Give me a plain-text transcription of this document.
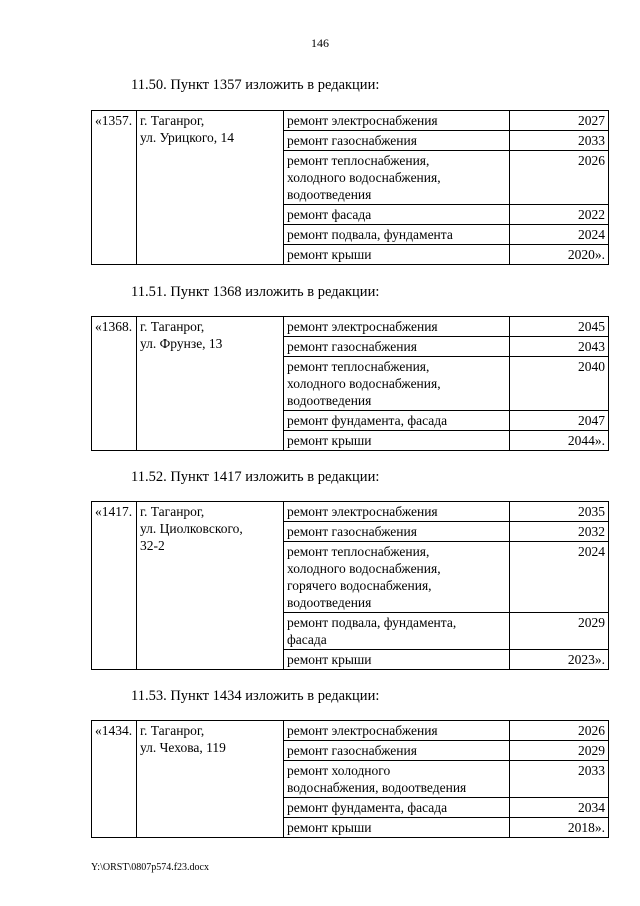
146
11.50. Пункт 1357 изложить в редакции:
«1357.	г. Таганрог,
ул. Урицкого, 14	ремонт электроснабжения	2027

		ремонт газоснабжения	2033

		ремонт теплоснабжения,
холодного водоснабжения,
водоотведения	2026

		ремонт фасада	2022

		ремонт подвала, фундамента	2024

		ремонт крыши	2020».
11.51. Пункт 1368 изложить в редакции:
«1368.	г. Таганрог,
ул. Фрунзе, 13	ремонт электроснабжения	2045

		ремонт газоснабжения	2043

		ремонт теплоснабжения,
холодного водоснабжения,
водоотведения	2040

		ремонт фундамента, фасада	2047

		ремонт крыши	2044».
11.52. Пункт 1417 изложить в редакции:
«1417.	г. Таганрог,
ул. Циолковского,
32-2	ремонт электроснабжения	2035

		ремонт газоснабжения	2032

		ремонт теплоснабжения,
холодного водоснабжения,
горячего водоснабжения,
водоотведения	2024

		ремонт подвала, фундамента,
фасада	2029

		ремонт крыши	2023».
11.53. Пункт 1434 изложить в редакции:
«1434.	г. Таганрог,
ул. Чехова, 119	ремонт электроснабжения	2026

		ремонт газоснабжения	2029

		ремонт холодного
водоснабжения, водоотведения	2033

		ремонт фундамента, фасада	2034

		ремонт крыши	2018».
Y:\ORST\0807p574.f23.docx
